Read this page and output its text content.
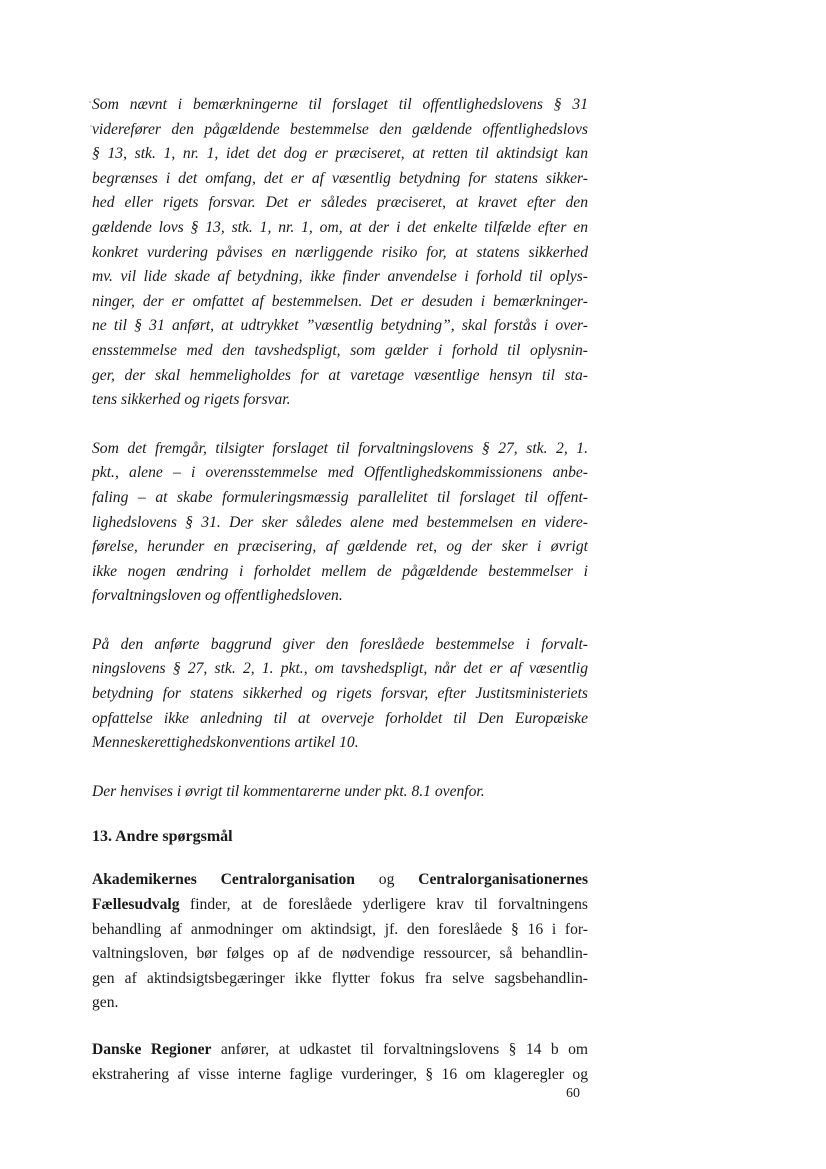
Som nævnt i bemærkningerne til forslaget til offentlighedslovens § 31
viderefører den pågældende bestemmelse den gældende offentlighedslovs
§ 13, stk. 1, nr. 1, idet det dog er præciseret, at retten til aktindsigt kan
begrænses i det omfang, det er af væsentlig betydning for statens sikker-
hed eller rigets forsvar. Det er således præciseret, at kravet efter den
gældende lovs § 13, stk. 1, nr. 1, om, at der i det enkelte tilfælde efter en
konkret vurdering påvises en nærliggende risiko for, at statens sikkerhed
mv. vil lide skade af betydning, ikke finder anvendelse i forhold til oplys-
ninger, der er omfattet af bestemmelsen. Det er desuden i bemærkninger-
ne til § 31 anført, at udtrykket ”væsentlig betydning”, skal forstås i over-
ensstemmelse med den tavshedspligt, som gælder i forhold til oplysnin-
ger, der skal hemmeligholdes for at varetage væsentlige hensyn til sta-
tens sikkerhed og rigets forsvar.

Som det fremgår, tilsigter forslaget til forvaltningslovens § 27, stk. 2, 1.
pkt., alene – i overensstemmelse med Offentlighedskommissionens anbe-
faling – at skabe formuleringsmæssig parallelitet til forslaget til offent-
lighedslovens § 31. Der sker således alene med bestemmelsen en videre-
førelse, herunder en præcisering, af gældende ret, og der sker i øvrigt
ikke nogen ændring i forholdet mellem de pågældende bestemmelser i
forvaltningsloven og offentlighedsloven.

På den anførte baggrund giver den foreslåede bestemmelse i forvalt-
ningslovens § 27, stk. 2, 1. pkt., om tavshedspligt, når det er af væsentlig
betydning for statens sikkerhed og rigets forsvar, efter Justitsministeriets
opfattelse ikke anledning til at overveje forholdet til Den Europæiske
Menneskerettighedskonventions artikel 10.

Der henvises i øvrigt til kommentarerne under pkt. 8.1 ovenfor.

13. Andre spørgsmål

Akademikernes Centralorganisation og Centralorganisationernes
Fællesudvalg finder, at de foreslåede yderligere krav til forvaltningens
behandling af anmodninger om aktindsigt, jf. den foreslåede § 16 i for-
valtningsloven, bør følges op af de nødvendige ressourcer, så behandlin-
gen af aktindsigtsbegæringer ikke flytter fokus fra selve sagsbehandlin-
gen.

Danske Regioner anfører, at udkastet til forvaltningslovens § 14 b om
ekstrahering af visse interne faglige vurderinger, § 16 om klageregler og

60
